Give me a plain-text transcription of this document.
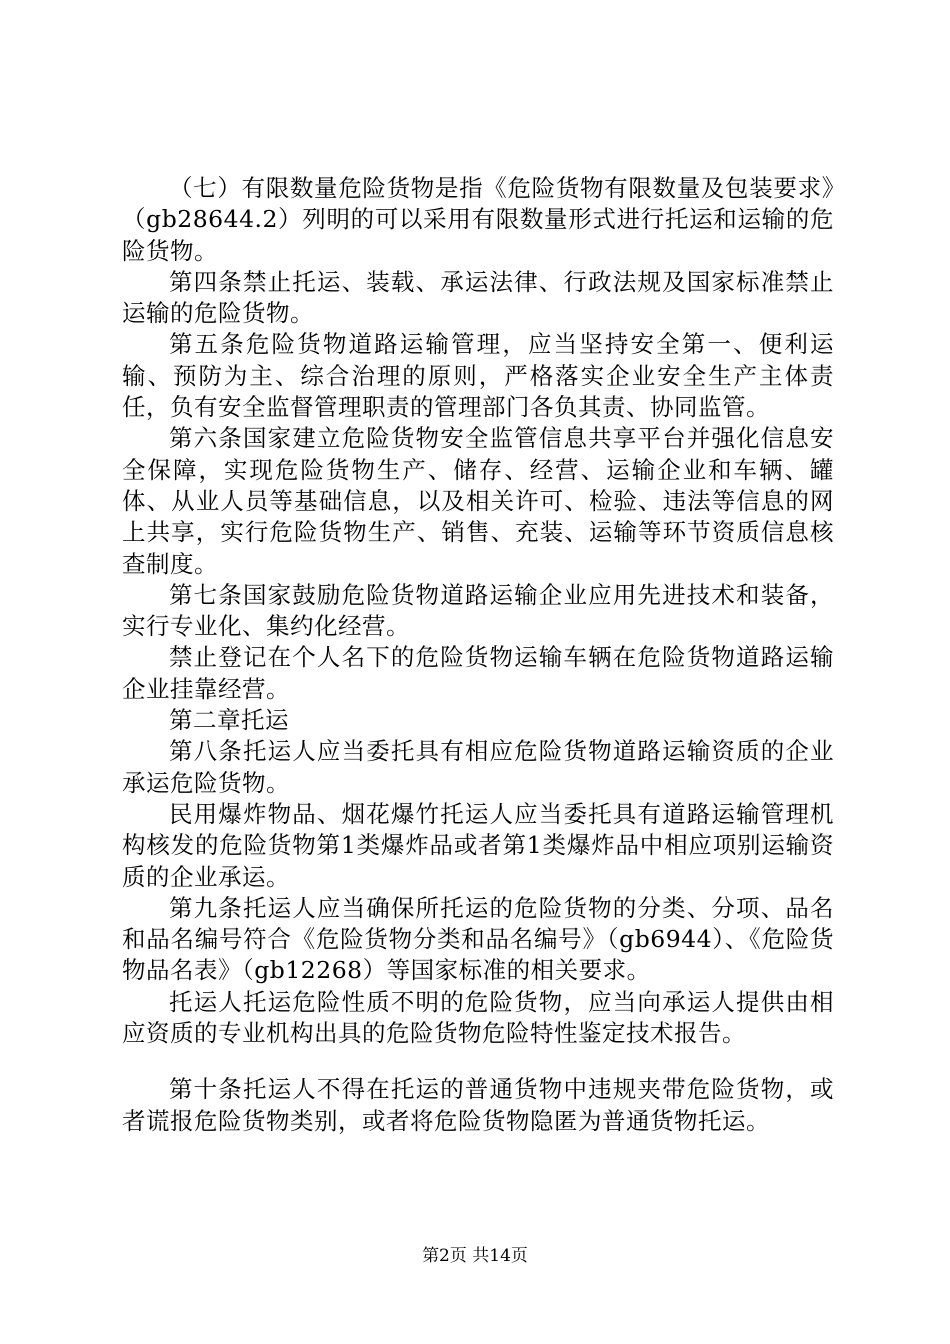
（七）有限数量危险货物是指《危险货物有限数量及包装要求》（gb28644.2）列明的可以采用有限数量形式进行托运和运输的危险货物。

第四条禁止托运、装载、承运法律、行政法规及国家标准禁止运输的危险货物。

第五条危险货物道路运输管理，应当坚持安全第一、便利运输、预防为主、综合治理的原则，严格落实企业安全生产主体责任，负有安全监督管理职责的管理部门各负其责、协同监管。

第六条国家建立危险货物安全监管信息共享平台并强化信息安全保障，实现危险货物生产、储存、经营、运输企业和车辆、罐体、从业人员等基础信息，以及相关许可、检验、违法等信息的网上共享，实行危险货物生产、销售、充装、运输等环节资质信息核查制度。

第七条国家鼓励危险货物道路运输企业应用先进技术和装备，实行专业化、集约化经营。

禁止登记在个人名下的危险货物运输车辆在危险货物道路运输企业挂靠经营。

第二章托运

第八条托运人应当委托具有相应危险货物道路运输资质的企业承运危险货物。

民用爆炸物品、烟花爆竹托运人应当委托具有道路运输管理机构核发的危险货物第1类爆炸品或者第1类爆炸品中相应项别运输资质的企业承运。

第九条托运人应当确保所托运的危险货物的分类、分项、品名和品名编号符合《危险货物分类和品名编号》（gb6944）、《危险货物品名表》（gb12268）等国家标准的相关要求。

托运人托运危险性质不明的危险货物，应当向承运人提供由相应资质的专业机构出具的危险货物危险特性鉴定技术报告。

第十条托运人不得在托运的普通货物中违规夹带危险货物，或者谎报危险货物类别，或者将危险货物隐匿为普通货物托运。

第2页 共14页
